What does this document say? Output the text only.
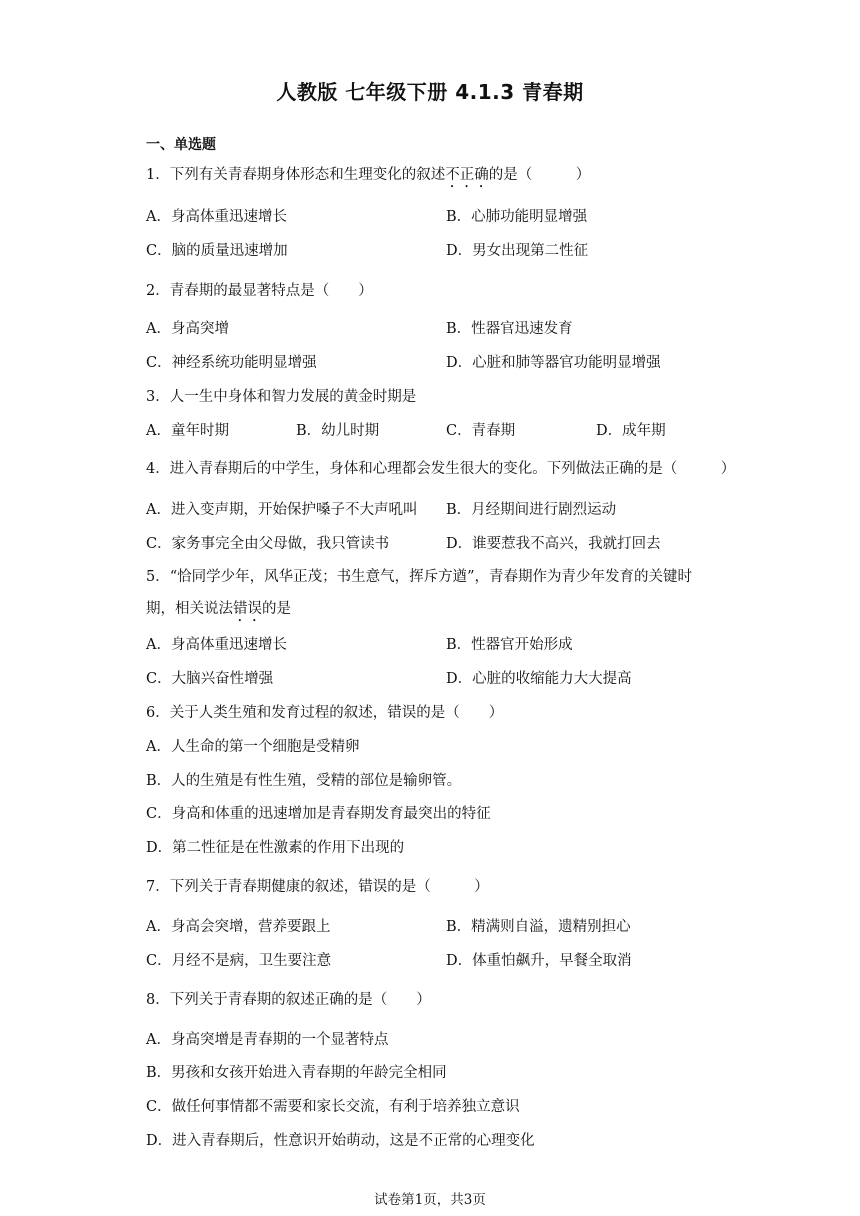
人教版 七年级下册 4.1.3 青春期
一、单选题
1．下列有关青春期身体形态和生理变化的叙述不正确的是（　　　）
A．身高体重迅速增长	B．心肺功能明显增强
C．脑的质量迅速增加	D．男女出现第二性征
2．青春期的最显著特点是（　　）
A．身高突增	B．性器官迅速发育
C．神经系统功能明显增强	D．心脏和肺等器官功能明显增强
3．人一生中身体和智力发展的黄金时期是
A．童年时期	B．幼儿时期	C．青春期	D．成年期
4．进入青春期后的中学生，身体和心理都会发生很大的变化。下列做法正确的是（　　　）
A．进入变声期，开始保护嗓子不大声吼叫 B．月经期间进行剧烈运动
C．家务事完全由父母做，我只管读书	D．谁要惹我不高兴，我就打回去
5．“恰同学少年，风华正茂；书生意气，挥斥方遒”，青春期作为青少年发育的关键时
期，相关说法错误的是
A．身高体重迅速增长	B．性器官开始形成
C．大脑兴奋性增强	D．心脏的收缩能力大大提高
6．关于人类生殖和发育过程的叙述，错误的是（　　）
A．人生命的第一个细胞是受精卵
B．人的生殖是有性生殖，受精的部位是输卵管。
C．身高和体重的迅速增加是青春期发育最突出的特征
D．第二性征是在性激素的作用下出现的
7．下列关于青春期健康的叙述，错误的是（　　　）
A．身高会突增，营养要跟上	B．精满则自溢，遗精别担心
C．月经不是病，卫生要注意	D．体重怕飙升，早餐全取消
8．下列关于青春期的叙述正确的是（　　）
A．身高突增是青春期的一个显著特点
B．男孩和女孩开始进入青春期的年龄完全相同
C．做任何事情都不需要和家长交流，有利于培养独立意识
D．进入青春期后，性意识开始萌动，这是不正常的心理变化
试卷第1页，共3页
